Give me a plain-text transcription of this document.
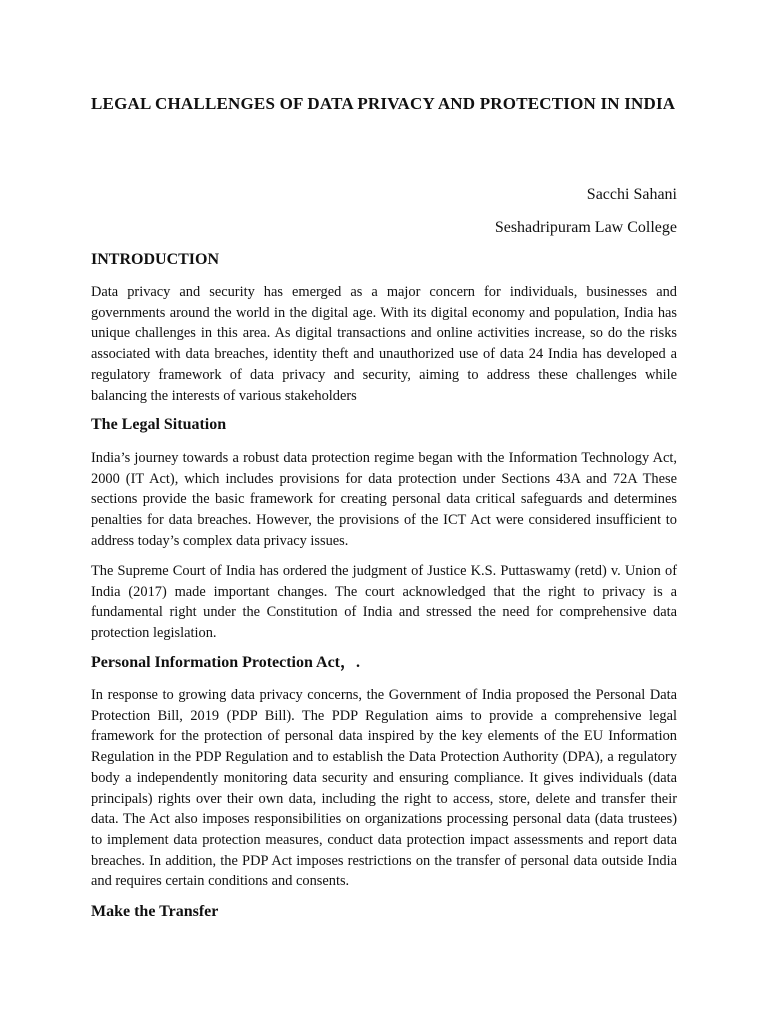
LEGAL CHALLENGES OF DATA PRIVACY AND PROTECTION IN INDIA

Sacchi Sahani

Seshadripuram Law College

INTRODUCTION

Data privacy and security has emerged as a major concern for individuals, businesses and governments around the world in the digital age. With its digital economy and population, India has unique challenges in this area. As digital transactions and online activities increase, so do the risks associated with data breaches, identity theft and unauthorized use of data 24 India has developed a regulatory framework of data privacy and security, aiming to address these challenges while balancing the interests of various stakeholders

The Legal Situation

India’s journey towards a robust data protection regime began with the Information Technology Act, 2000 (IT Act), which includes provisions for data protection under Sections 43A and 72A These sections provide the basic framework for creating personal data critical safeguards and determines penalties for data breaches. However, the provisions of the ICT Act were considered insufficient to address today’s complex data privacy issues.

The Supreme Court of India has ordered the judgment of Justice K.S. Puttaswamy (retd) v. Union of India (2017) made important changes. The court acknowledged that the right to privacy is a fundamental right under the Constitution of India and stressed the need for comprehensive data protection legislation.

Personal Information Protection Act，.

In response to growing data privacy concerns, the Government of India proposed the Personal Data Protection Bill, 2019 (PDP Bill). The PDP Regulation aims to provide a comprehensive legal framework for the protection of personal data inspired by the key elements of the EU Information Regulation in the PDP Regulation and to establish the Data Protection Authority (DPA), a regulatory body a independently monitoring data security and ensuring compliance. It gives individuals (data principals) rights over their own data, including the right to access, store, delete and transfer their data. The Act also imposes responsibilities on organizations processing personal data (data trustees) to implement data protection measures, conduct data protection impact assessments and report data breaches. In addition, the PDP Act imposes restrictions on the transfer of personal data outside India and requires certain conditions and consents.

Make the Transfer
